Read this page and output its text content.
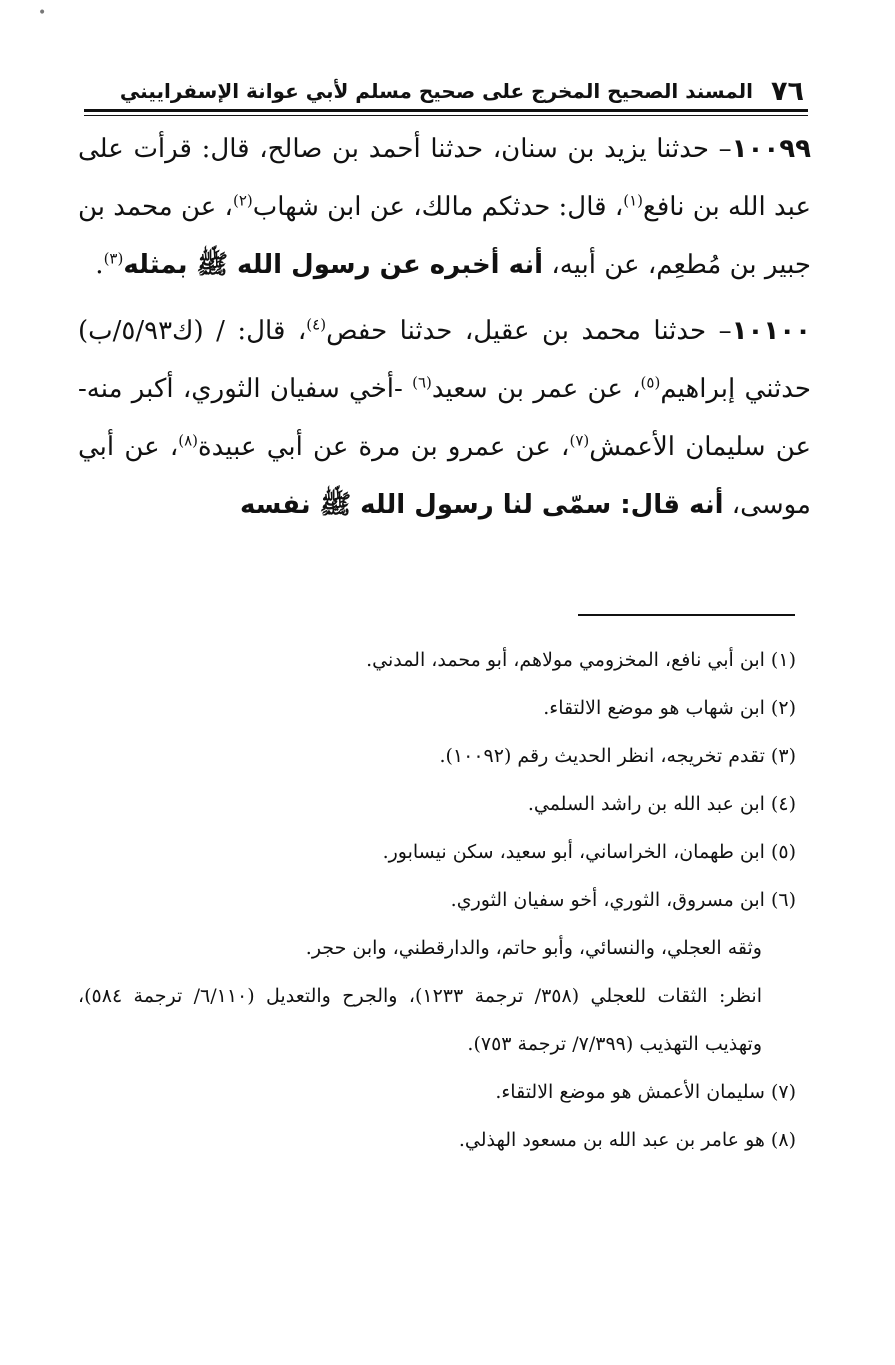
•
٧٦
المسند الصحيح المخرج على صحيح مسلم لأبي عوانة الإسفراييني

١٠٠٩٩– حدثنا يزيد بن سنان، حدثنا أحمد بن صالح، قال: قرأت على عبد الله بن نافع$^{(١)}$، قال: حدثكم مالك، عن ابن شهاب$^{(٢)}$، عن محمد بن جبير بن مُطعِم، عن أبيه، أنه أخبره عن رسول الله ﷺ بمثله$^{(٣)}$.

١٠١٠٠– حدثنا محمد بن عقيل، حدثنا حفص$^{(٤)}$، قال: / (ك٥/٩٣/ب) حدثني إبراهيم$^{(٥)}$، عن عمر بن سعيد$^{(٦)}$ -أخي سفيان الثوري، أكبر منه- عن سليمان الأعمش$^{(٧)}$، عن عمرو بن مرة عن أبي عبيدة$^{(٨)}$، عن أبي موسى، أنه قال: سمّى لنا رسول الله ﷺ نفسه

(١) ابن أبي نافع، المخزومي مولاهم، أبو محمد، المدني.

(٢) ابن شهاب هو موضع الالتقاء.

(٣) تقدم تخريجه، انظر الحديث رقم (١٠٠٩٢).

(٤) ابن عبد الله بن راشد السلمي.

(٥) ابن طهمان، الخراساني، أبو سعيد، سكن نيسابور.

(٦) ابن مسروق، الثوري، أخو سفيان الثوري.

وثقه العجلي، والنسائي، وأبو حاتم، والدارقطني، وابن حجر.

انظر: الثقات للعجلي (٣٥٨/ ترجمة ١٢٣٣)، والجرح والتعديل (٦/١١٠/ ترجمة ٥٨٤)، وتهذيب التهذيب (٧/٣٩٩/ ترجمة ٧٥٣).

(٧) سليمان الأعمش هو موضع الالتقاء.

(٨) هو عامر بن عبد الله بن مسعود الهذلي.
